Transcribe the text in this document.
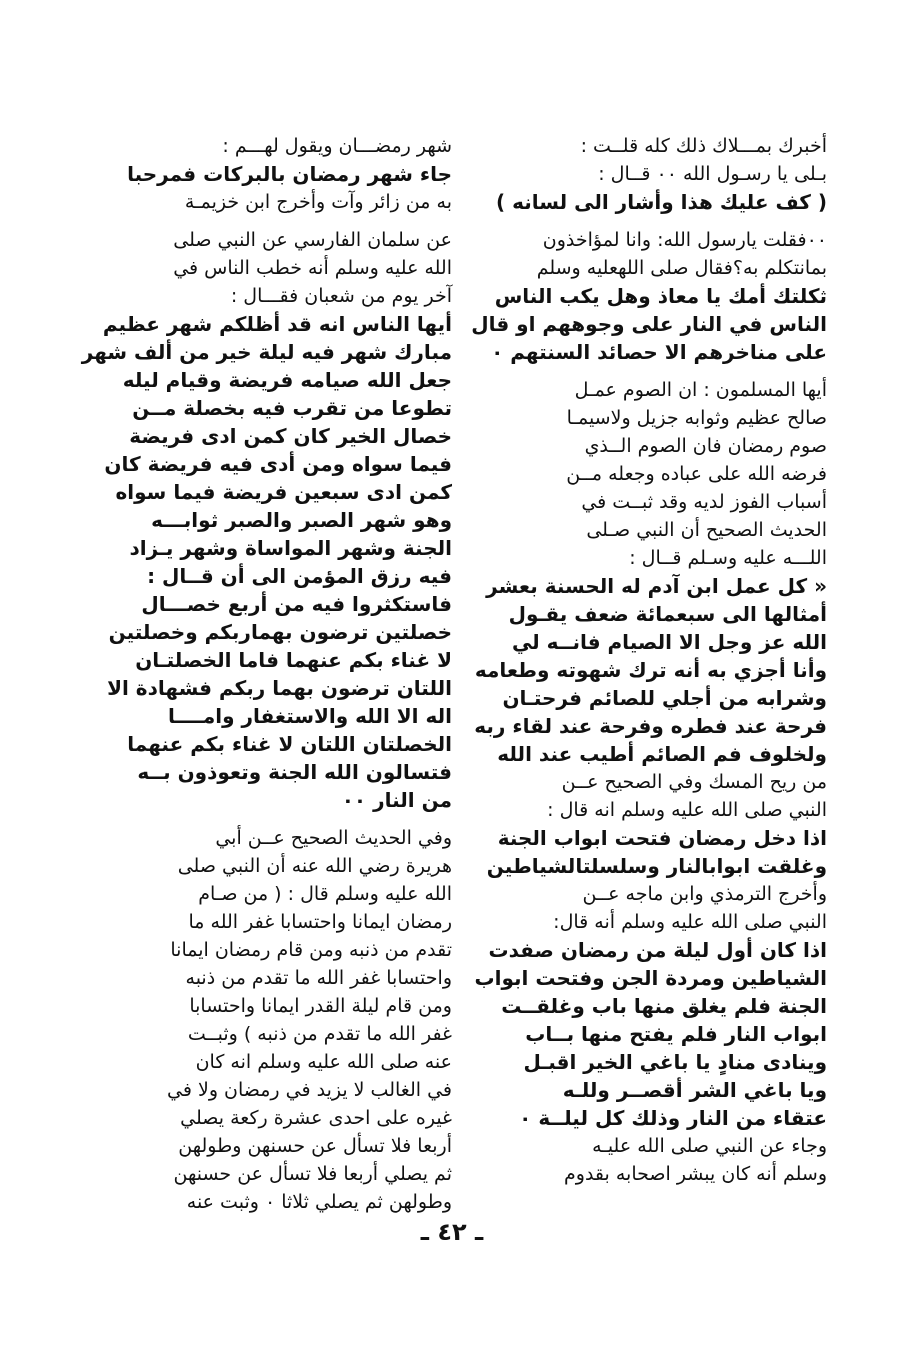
أخبرك بمـــلاك ذلك كله قلــت :
بـلى يا رسـول الله ٠٠ قــال :
( كف عليك هذا وأشار الى لسانه )
٠٠فقلت يارسول الله: وانا لمؤاخذون
بمانتكلم به؟فقال صلى اللهعليه وسلم
ثكلتك أمك يا معاذ وهل يكب الناس
الناس في النار على وجوههم او قال
على مناخرهم الا حصائد السنتهم ٠
أيها المسلمون : ان الصوم عمـل
صالح عظيم وثوابه جزيل ولاسيمـا
صوم رمضان فان الصوم الــذي
فرضه الله على عباده وجعله مــن
أسباب الفوز لديه وقد ثبــت في
الحديث الصحيح أن النبي صـلى
اللـــه عليه وسـلم قــال :
« كل عمل ابن آدم له الحسنة بعشر
أمثالها الى سبعمائة ضعف يقـول
الله عز وجل الا الصيام فانــه لي
وأنا أجزي به أنه ترك شهوته وطعامه
وشرابه من أجلي للصائم فرحتـان
فرحة عند فطره وفرحة عند لقاء ربه
ولخلوف فم الصائم أطيب عند الله
من ريح المسك وفي الصحيح عــن
النبي صلى الله عليه وسلم انه قال :
اذا دخل رمضان فتحت ابواب الجنة
وغلقت ابوابالنار وسلسلتالشياطين
وأخرج الترمذي وابن ماجه عــن
النبي صلى الله عليه وسلم أنه قال:
اذا كان أول ليلة من رمضان صفدت
الشياطين ومردة الجن وفتحت ابواب
الجنة فلم يغلق منها باب وغلقــت
ابواب النار فلم يفتح منها بــاب
وينادى منادٍ يا باغي الخير اقبـل
ويا باغي الشر أقصــر وللـه
عتقاء من النار وذلك كل ليلــة ٠
وجاء عن النبي صلى الله عليـه
وسلم أنه كان يبشر اصحابه بقدوم
شهر رمضـــان ويقول لهـــم :
جاء شهر رمضان بالبركات فمرحبا
به من زائر وآت وأخرج ابن خزيمـة
عن سلمان الفارسي عن النبي صلى
الله عليه وسلم أنه خطب الناس في
آخر يوم من شعبان فقـــال :
أيها الناس انه قد أظلكم شهر عظيم
مبارك شهر فيه ليلة خير من ألف شهر
جعل الله صيامه فريضة وقيام ليله
تطوعا من تقرب فيه بخصلة مــن
خصال الخير كان كمن ادى فريضة
فيما سواه ومن أدى فيه فريضة كان
كمن ادى سبعين فريضة فيما سواه
وهو شهر الصبر والصبر ثوابـــه
الجنة وشهر المواساة وشهر يـزاد
فيه رزق المؤمن الى أن قــال :
فاستكثروا فيه من أربع خصـــال
خصلتين ترضون بهماربكم وخصلتين
لا غناء بكم عنهما فاما الخصلتـان
اللتان ترضون بهما ربكم فشهادة الا
اله الا الله والاستغفار وامــــا
الخصلتان اللتان لا غناء بكم عنهما
فتسالون الله الجنة وتعوذون بــه
من النار ٠٠
وفي الحديث الصحيح عــن أبي
هريرة رضي الله عنه أن النبي صلى
الله عليه وسلم قال : ( من صـام
رمضان ايمانا واحتسابا غفر الله ما
تقدم من ذنبه ومن قام رمضان ايمانا
واحتسابا غفر الله ما تقدم من ذنبه
ومن قام ليلة القدر ايمانا واحتسابا
غفر الله ما تقدم من ذنبه ) وثبــت
عنه صلى الله عليه وسلم انه كان
في الغالب لا يزيد في رمضان ولا في
غيره على احدى عشرة ركعة يصلي
أربعا فلا تسأل عن حسنهن وطولهن
ثم يصلي أربعا فلا تسأل عن حسنهن
وطولهن ثم يصلي ثلاثا ٠ وثبت عنه
ـ ٤٢ ـ
